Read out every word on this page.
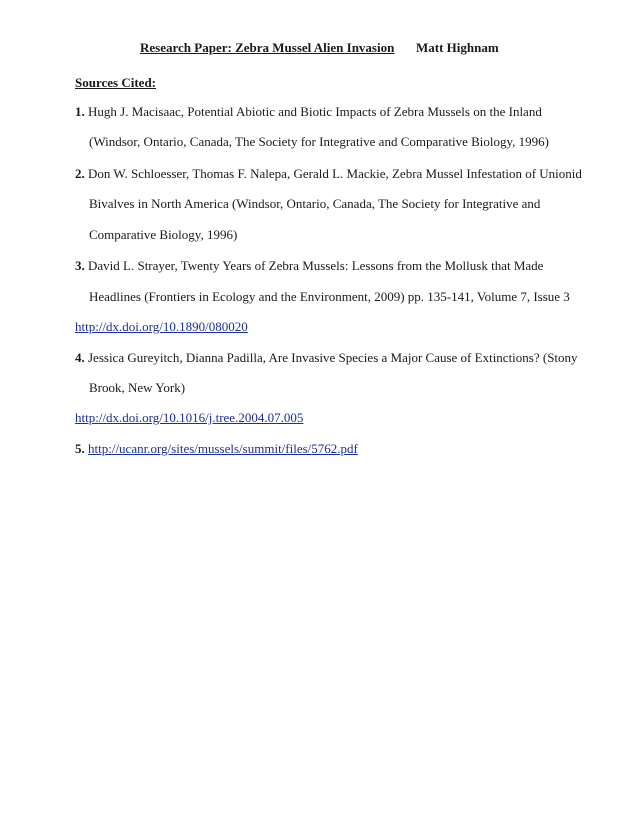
Research Paper: Zebra Mussel Alien Invasion Matt Highnam
Sources Cited:
1. Hugh J. Macisaac, Potential Abiotic and Biotic Impacts of Zebra Mussels on the Inland
(Windsor, Ontario, Canada, The Society for Integrative and Comparative Biology, 1996)
2. Don W. Schloesser, Thomas F. Nalepa, Gerald L. Mackie, Zebra Mussel Infestation of Unionid
Bivalves in North America (Windsor, Ontario, Canada, The Society for Integrative and
Comparative Biology, 1996)
3. David L. Strayer, Twenty Years of Zebra Mussels: Lessons from the Mollusk that Made
Headlines (Frontiers in Ecology and the Environment, 2009) pp. 135-141, Volume 7, Issue 3
http://dx.doi.org/10.1890/080020
4. Jessica Gureyitch, Dianna Padilla, Are Invasive Species a Major Cause of Extinctions? (Stony
Brook, New York)
http://dx.doi.org/10.1016/j.tree.2004.07.005
5. http://ucanr.org/sites/mussels/summit/files/5762.pdf
